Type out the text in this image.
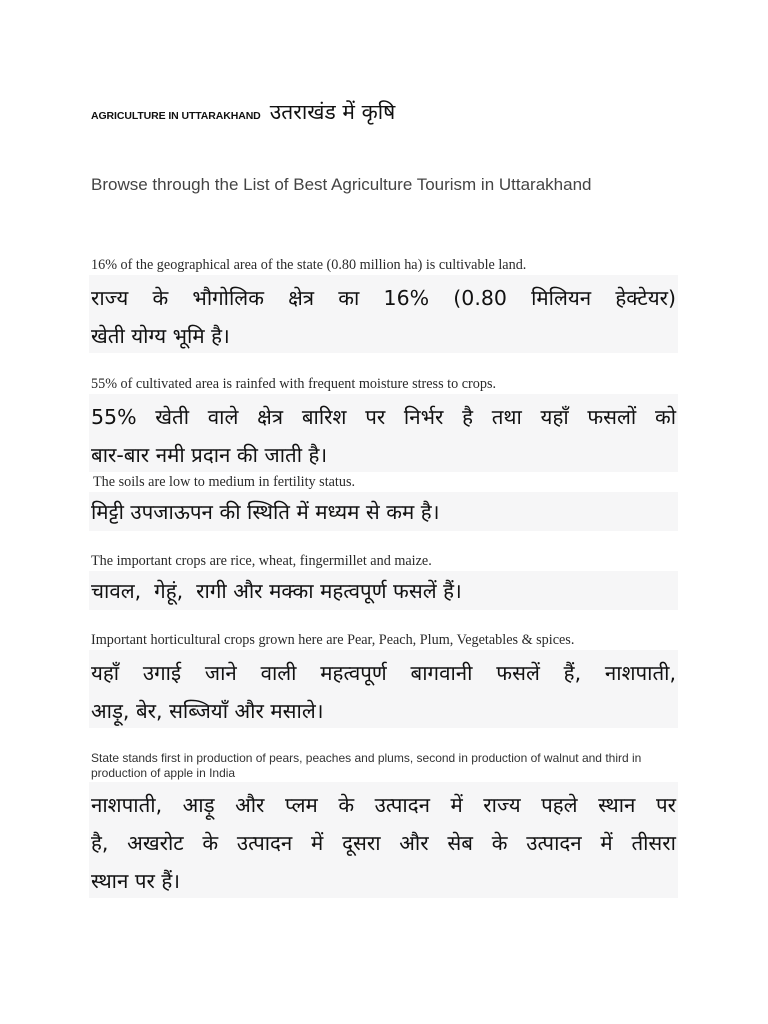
AGRICULTURE IN UTTARAKHAND उतराखंड में कृषि
Browse through the List of Best Agriculture Tourism in Uttarakhand
16% of the geographical area of the state (0.80 million ha) is cultivable land.
राज्य के भौगोलिक क्षेत्र का 16% (0.80 मिलियन हेक्टेयर)
खेती योग्य भूमि है।
55% of cultivated area is rainfed with frequent moisture stress to crops.
55% खेती वाले क्षेत्र बारिश पर निर्भर है तथा यहाँ फसलों को
बार-बार नमी प्रदान की जाती है।
The soils are low to medium in fertility status.
मिट्टी उपजाऊपन की स्थिति में मध्यम से कम है।
The important crops are rice, wheat, fingermillet and maize.
चावल,  गेहूं,  रागी और मक्का महत्वपूर्ण फसलें हैं।
Important horticultural crops grown here are Pear, Peach, Plum, Vegetables & spices.
यहाँ उगाई जाने वाली महत्वपूर्ण बागवानी फसलें हैं, नाशपाती,
आड़ू, बेर, सब्जियाँ और मसाले।
State stands first in production of pears, peaches and plums, second in production of walnut and third in production of apple in India
नाशपाती, आड़ू और प्लम के उत्पादन में राज्य पहले स्थान पर
है, अखरोट के उत्पादन में दूसरा और सेब के उत्पादन में तीसरा
स्थान पर हैं।
